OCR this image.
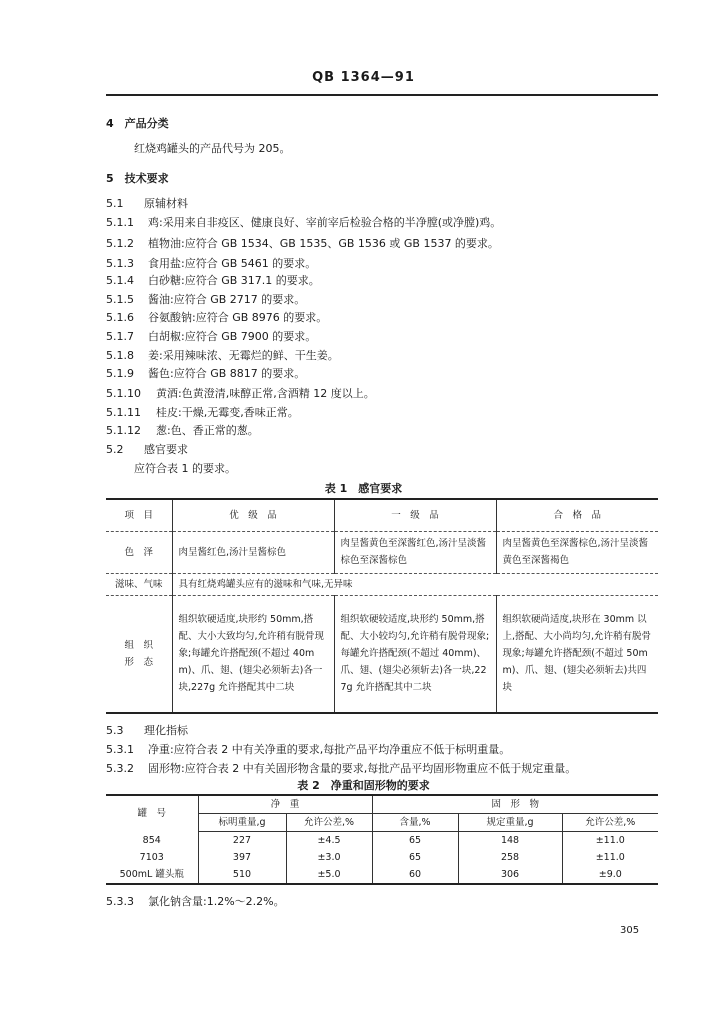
QB 1364—91
4　产品分类
红烧鸡罐头的产品代号为 205。
5　技术要求
5.1 原辅材料
5.1.1 鸡:采用来自非疫区、健康良好、宰前宰后检验合格的半净膛(或净膛)鸡。
5.1.2 植物油:应符合 GB 1534、GB 1535、GB 1536 或 GB 1537 的要求。
5.1.3 食用盐:应符合 GB 5461 的要求。
5.1.4 白砂糖:应符合 GB 317.1 的要求。
5.1.5 酱油:应符合 GB 2717 的要求。
5.1.6 谷氨酸钠:应符合 GB 8976 的要求。
5.1.7 白胡椒:应符合 GB 7900 的要求。
5.1.8 姜:采用辣味浓、无霉烂的鲜、干生姜。
5.1.9 酱色:应符合 GB 8817 的要求。
5.1.10 黄酒:色黄澄清,味醇正常,含酒精 12 度以上。
5.1.11 桂皮:干燥,无霉变,香味正常。
5.1.12 葱:色、香正常的葱。
5.2 感官要求
应符合表 1 的要求。
表 1　感官要求
项　目	优　级　品	一　级　品	合　格　品
色　泽	肉呈酱红色,汤汁呈酱棕色	肉呈酱黄色至深酱红色,汤汁呈淡酱棕色至深酱棕色	肉呈酱黄色至深酱棕色,汤汁呈淡酱黄色至深酱褐色
滋味、气味	具有红烧鸡罐头应有的滋味和气味,无异味		

组　织
形　态	组织软硬适度,块形约 50mm,搭配、大小大致均匀,允许稍有脱骨现象;每罐允许搭配颈(不超过 40mm)、爪、翅、(翅尖必须斩去)各一块,227g 允许搭配其中二块	组织软硬较适度,块形约 50mm,搭配、大小较均匀,允许稍有脱骨现象;每罐允许搭配颈(不超过 40mm)、爪、翅、(翅尖必须斩去)各一块,227g 允许搭配其中二块	组织软硬尚适度,块形在 30mm 以上,搭配、大小尚均匀,允许稍有脱骨现象;每罐允许搭配颈(不超过 50mm)、爪、翅、(翅尖必须斩去)共四块
5.3 理化指标
5.3.1 净重:应符合表 2 中有关净重的要求,每批产品平均净重应不低于标明重量。
5.3.2 固形物:应符合表 2 中有关固形物含量的要求,每批产品平均固形物重应不低于规定重量。
表 2　净重和固形物的要求
罐　号	净　重		固　形　物		
	标明重量,g	允许公差,%	含量,%	规定重量,g	允许公差,%
854	227	±4.5	65	148	±11.0
7103	397	±3.0	65	258	±11.0
500mL 罐头瓶	510	±5.0	60	306	±9.0
5.3.3 氯化钠含量:1.2%～2.2%。
305
